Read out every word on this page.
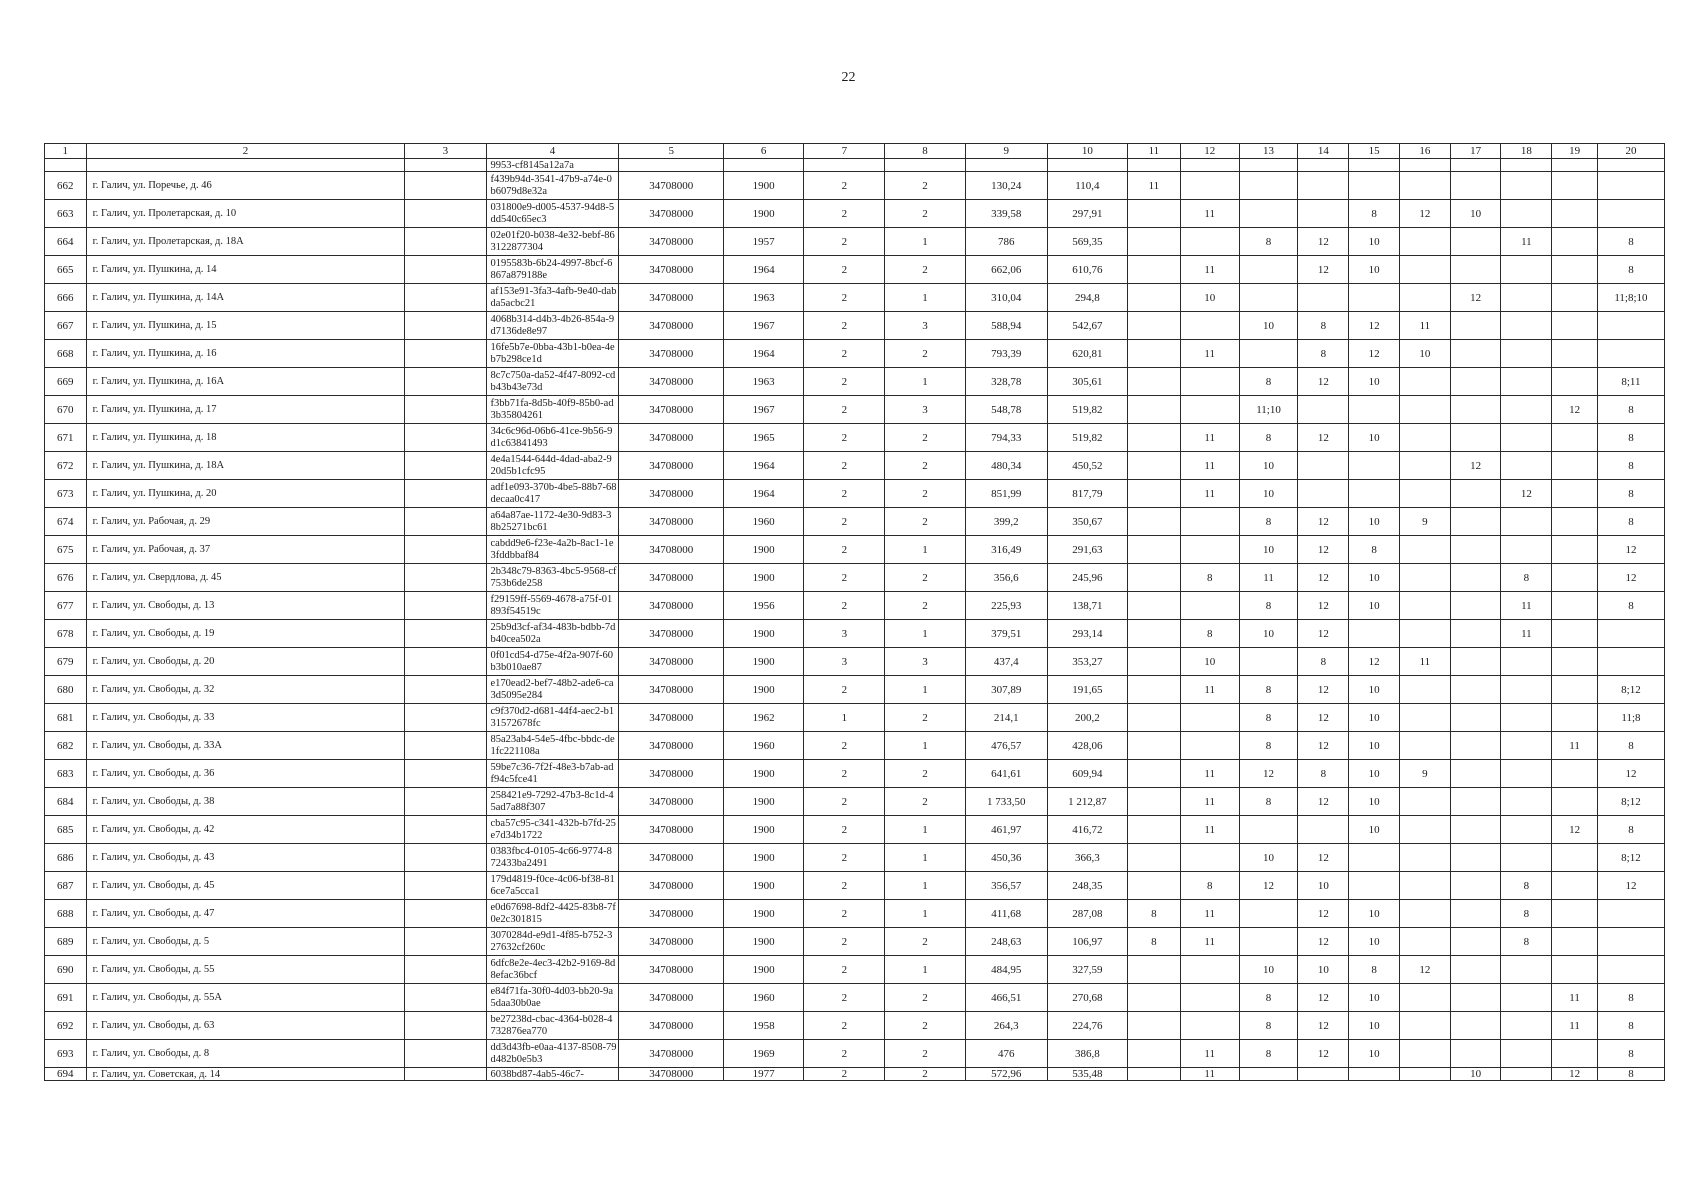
22
1	2	3	4	5	6	7	8	9	10	11	12	13	14	15	16	17	18	19	20
			9953-cf8145a12a7a																
662	г. Галич, ул. Поречье, д. 46		f439b94d-3541-47b9-a74e-0b6079d8e32a	34708000	1900	2	2	130,24	110,4	11									
663	г. Галич, ул. Пролетарская, д. 10		031800e9-d005-4537-94d8-5dd540c65ec3	34708000	1900	2	2	339,58	297,91		11			8	12	10			
664	г. Галич, ул. Пролетарская, д. 18А		02e01f20-b038-4e32-bebf-863122877304	34708000	1957	2	1	786	569,35			8	12	10			11		8
665	г. Галич, ул. Пушкина, д. 14		0195583b-6b24-4997-8bcf-6867a879188e	34708000	1964	2	2	662,06	610,76		11		12	10					8
666	г. Галич, ул. Пушкина, д. 14А		af153e91-3fa3-4afb-9e40-dabda5acbc21	34708000	1963	2	1	310,04	294,8		10					12			11;8;10
667	г. Галич, ул. Пушкина, д. 15		4068b314-d4b3-4b26-854a-9d7136de8e97	34708000	1967	2	3	588,94	542,67			10	8	12	11				
668	г. Галич, ул. Пушкина, д. 16		16fe5b7e-0bba-43b1-b0ea-4eb7b298ce1d	34708000	1964	2	2	793,39	620,81		11		8	12	10				
669	г. Галич, ул. Пушкина, д. 16А		8c7c750a-da52-4f47-8092-cdb43b43e73d	34708000	1963	2	1	328,78	305,61			8	12	10					8;11
670	г. Галич, ул. Пушкина, д. 17		f3bb71fa-8d5b-40f9-85b0-ad3b35804261	34708000	1967	2	3	548,78	519,82			11;10						12	8
671	г. Галич, ул. Пушкина, д. 18		34c6c96d-06b6-41ce-9b56-9d1c63841493	34708000	1965	2	2	794,33	519,82		11	8	12	10					8
672	г. Галич, ул. Пушкина, д. 18А		4e4a1544-644d-4dad-aba2-920d5b1cfc95	34708000	1964	2	2	480,34	450,52		11	10				12			8
673	г. Галич, ул. Пушкина, д. 20		adf1e093-370b-4be5-88b7-68decaa0c417	34708000	1964	2	2	851,99	817,79		11	10					12		8
674	г. Галич, ул. Рабочая, д. 29		a64a87ae-1172-4e30-9d83-38b25271bc61	34708000	1960	2	2	399,2	350,67			8	12	10	9				8
675	г. Галич, ул. Рабочая, д. 37		cabdd9e6-f23e-4a2b-8ac1-1e3fddbbaf84	34708000	1900	2	1	316,49	291,63			10	12	8					12
676	г. Галич, ул. Свердлова, д. 45		2b348c79-8363-4bc5-9568-cf753b6de258	34708000	1900	2	2	356,6	245,96		8	11	12	10			8		12
677	г. Галич, ул. Свободы, д. 13		f29159ff-5569-4678-a75f-01893f54519c	34708000	1956	2	2	225,93	138,71			8	12	10			11		8
678	г. Галич, ул. Свободы, д. 19		25b9d3cf-af34-483b-bdbb-7db40cea502a	34708000	1900	3	1	379,51	293,14		8	10	12				11		
679	г. Галич, ул. Свободы, д. 20		0f01cd54-d75e-4f2a-907f-60b3b010ae87	34708000	1900	3	3	437,4	353,27		10		8	12	11				
680	г. Галич, ул. Свободы, д. 32		e170ead2-bef7-48b2-ade6-ca3d5095e284	34708000	1900	2	1	307,89	191,65		11	8	12	10					8;12
681	г. Галич, ул. Свободы, д. 33		c9f370d2-d681-44f4-aec2-b131572678fc	34708000	1962	1	2	214,1	200,2			8	12	10					11;8
682	г. Галич, ул. Свободы, д. 33А		85a23ab4-54e5-4fbc-bbdc-de1fc221108a	34708000	1960	2	1	476,57	428,06			8	12	10				11	8
683	г. Галич, ул. Свободы, д. 36		59be7c36-7f2f-48e3-b7ab-adf94c5fce41	34708000	1900	2	2	641,61	609,94		11	12	8	10	9				12
684	г. Галич, ул. Свободы, д. 38		258421e9-7292-47b3-8c1d-45ad7a88f307	34708000	1900	2	2	1 733,50	1 212,87		11	8	12	10					8;12
685	г. Галич, ул. Свободы, д. 42		cba57c95-c341-432b-b7fd-25e7d34b1722	34708000	1900	2	1	461,97	416,72		11			10				12	8
686	г. Галич, ул. Свободы, д. 43		0383fbc4-0105-4c66-9774-872433ba2491	34708000	1900	2	1	450,36	366,3			10	12						8;12
687	г. Галич, ул. Свободы, д. 45		179d4819-f0ce-4c06-bf38-816ce7a5cca1	34708000	1900	2	1	356,57	248,35		8	12	10				8		12
688	г. Галич, ул. Свободы, д. 47		e0d67698-8df2-4425-83b8-7f0e2c301815	34708000	1900	2	1	411,68	287,08	8	11		12	10			8		
689	г. Галич, ул. Свободы, д. 5		3070284d-e9d1-4f85-b752-327632cf260c	34708000	1900	2	2	248,63	106,97	8	11		12	10			8		
690	г. Галич, ул. Свободы, д. 55		6dfc8e2e-4ec3-42b2-9169-8d8efac36bcf	34708000	1900	2	1	484,95	327,59			10	10	8	12				
691	г. Галич, ул. Свободы, д. 55А		e84f71fa-30f0-4d03-bb20-9a5daa30b0ae	34708000	1960	2	2	466,51	270,68			8	12	10				11	8
692	г. Галич, ул. Свободы, д. 63		be27238d-cbac-4364-b028-4732876ea770	34708000	1958	2	2	264,3	224,76			8	12	10				11	8
693	г. Галич, ул. Свободы, д. 8		dd3d43fb-e0aa-4137-8508-79d482b0e5b3	34708000	1969	2	2	476	386,8		11	8	12	10					8
694	г. Галич, ул. Советская, д. 14		6038bd87-4ab5-46c7-	34708000	1977	2	2	572,96	535,48		11					10		12	8
